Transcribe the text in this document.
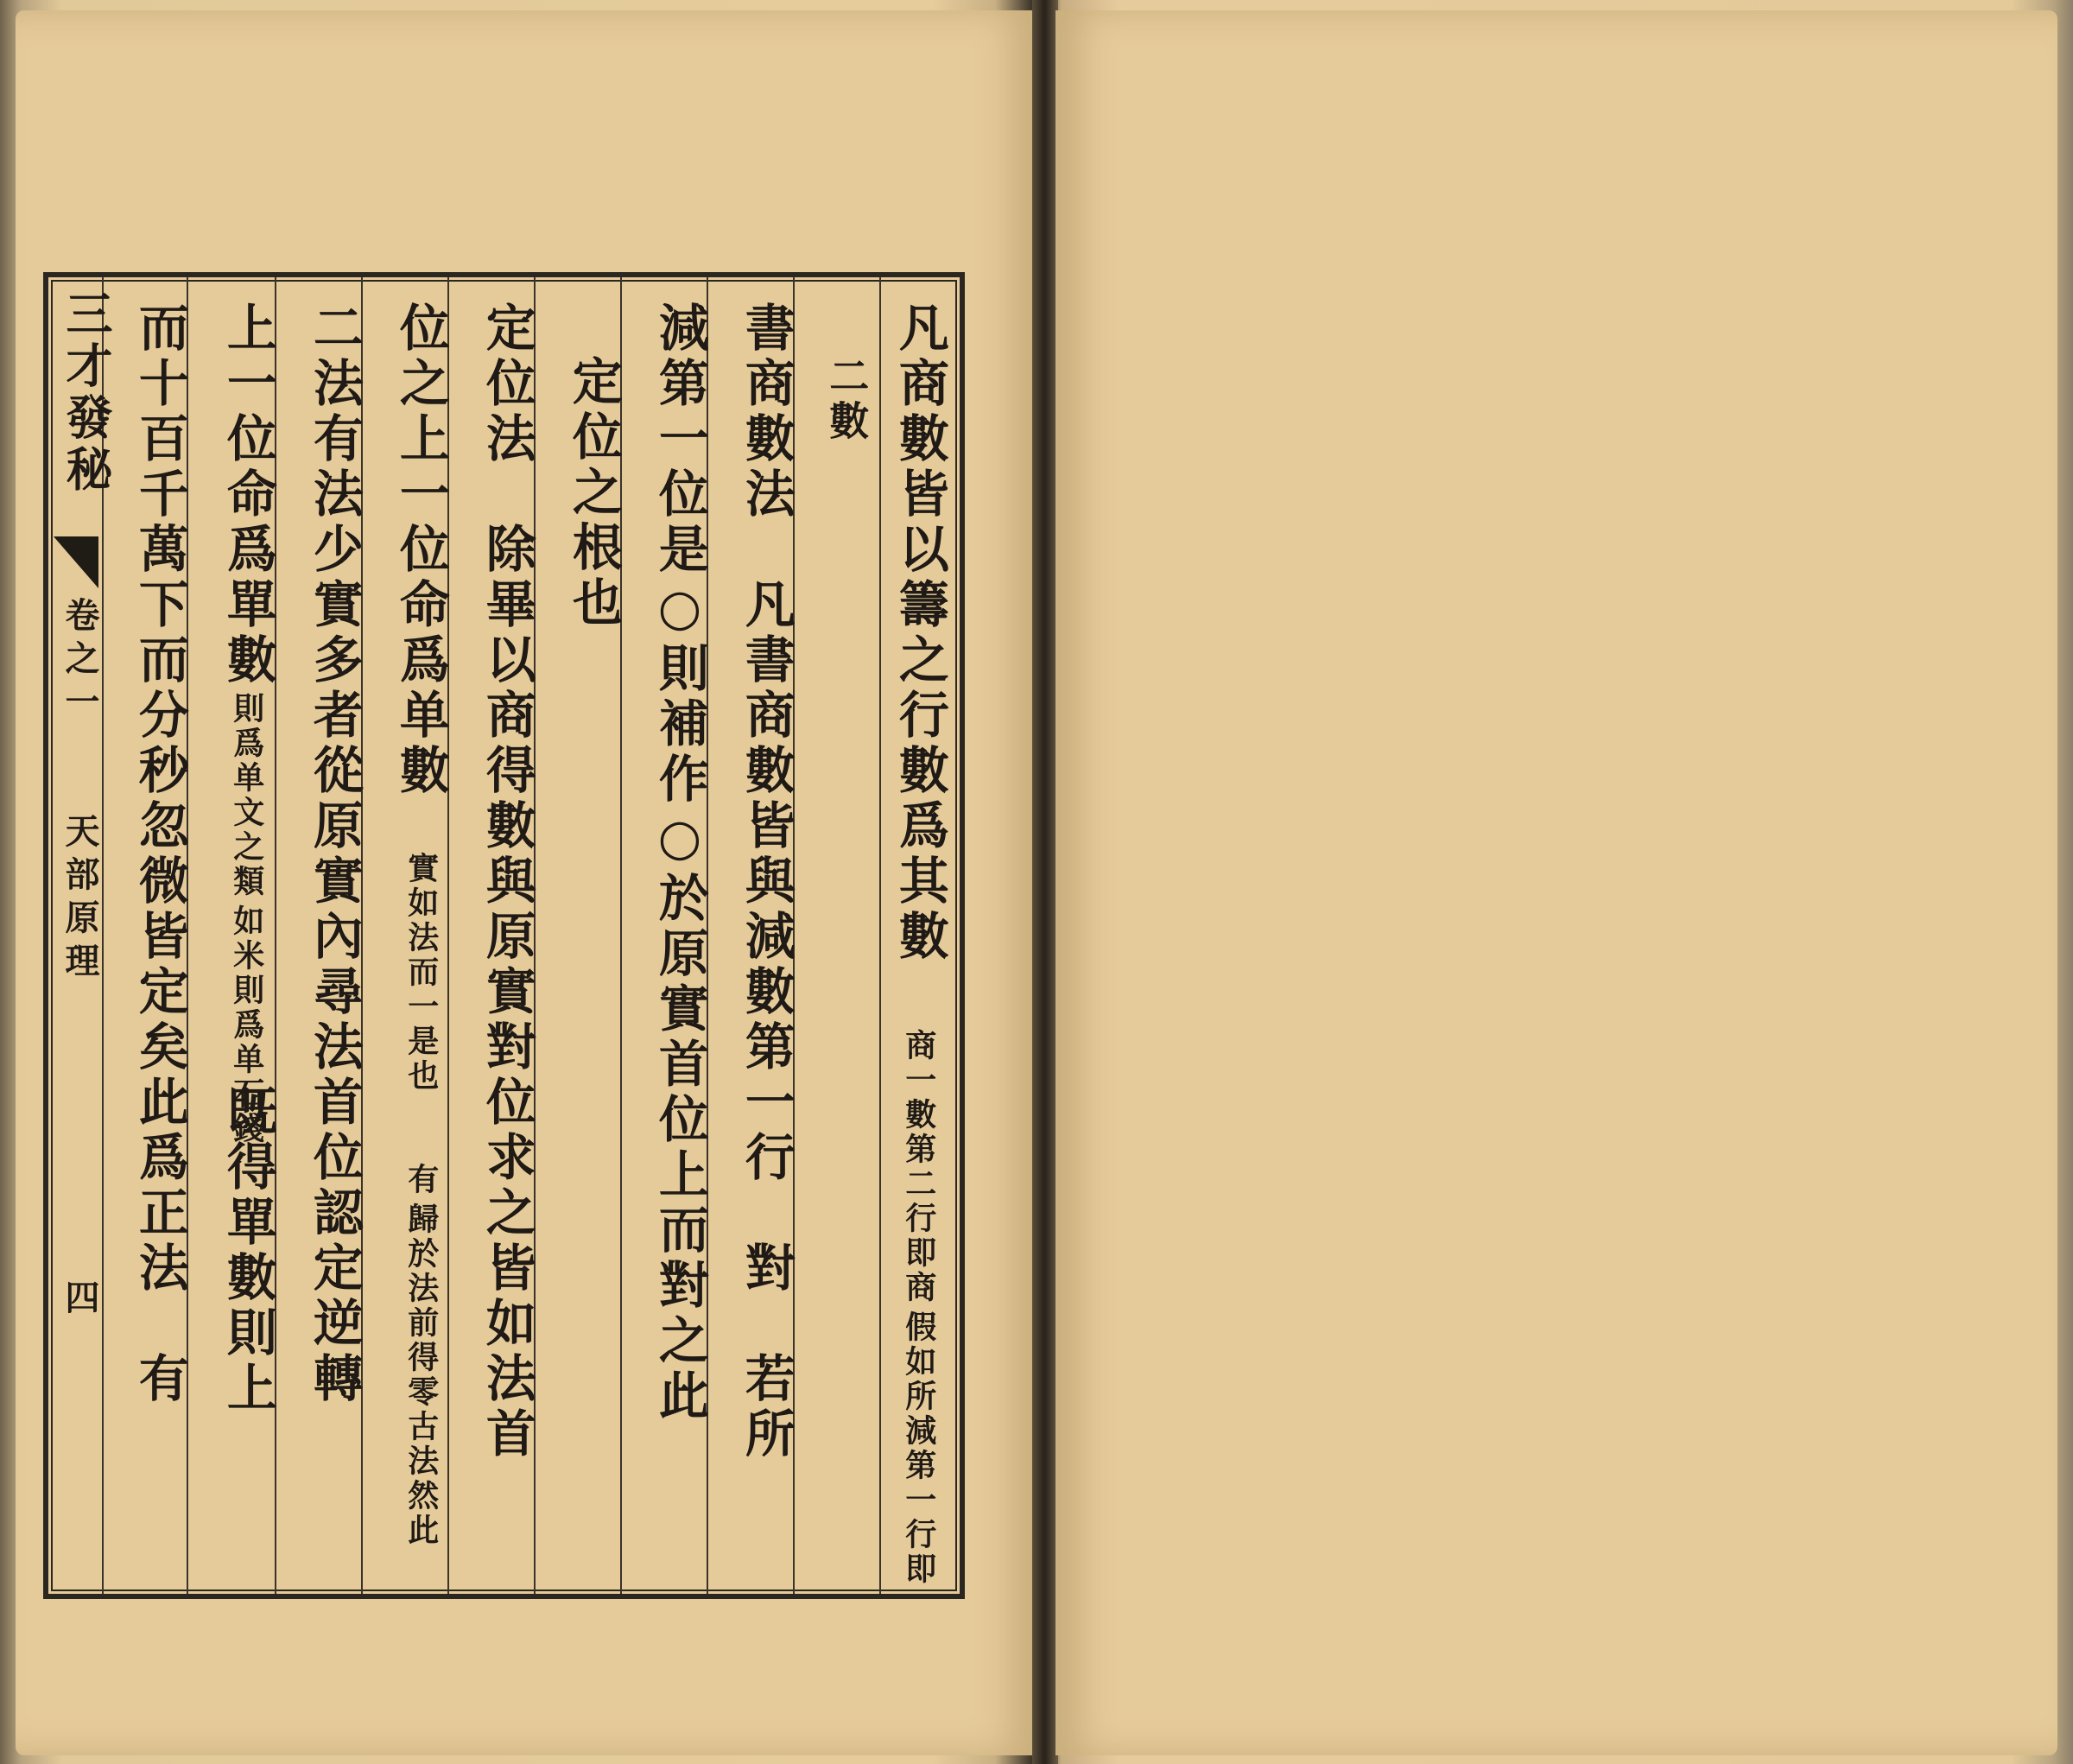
三才發秘
卷之一
天部原理
四
凡商數皆以籌之行數爲其數
假如所減第一行即
商一數第二行即商
二數
書商數法　凡書商數皆與減數第一行　對　若所
減第一位是○則補作○於原實首位上而對之此
定位之根也
定位法　除畢以商得數與原實對位求之皆如法首
位之上一位命爲单數
歸於法前得零古法然此
實如法而一是也　　有
二法有法少實多者從原實內尋法首位認定逆轉
上一位命爲單數
如米則爲单石錢
則爲单文之類
既得單數則上
而十百千萬下而分秒忽微皆定矣此爲正法　有
